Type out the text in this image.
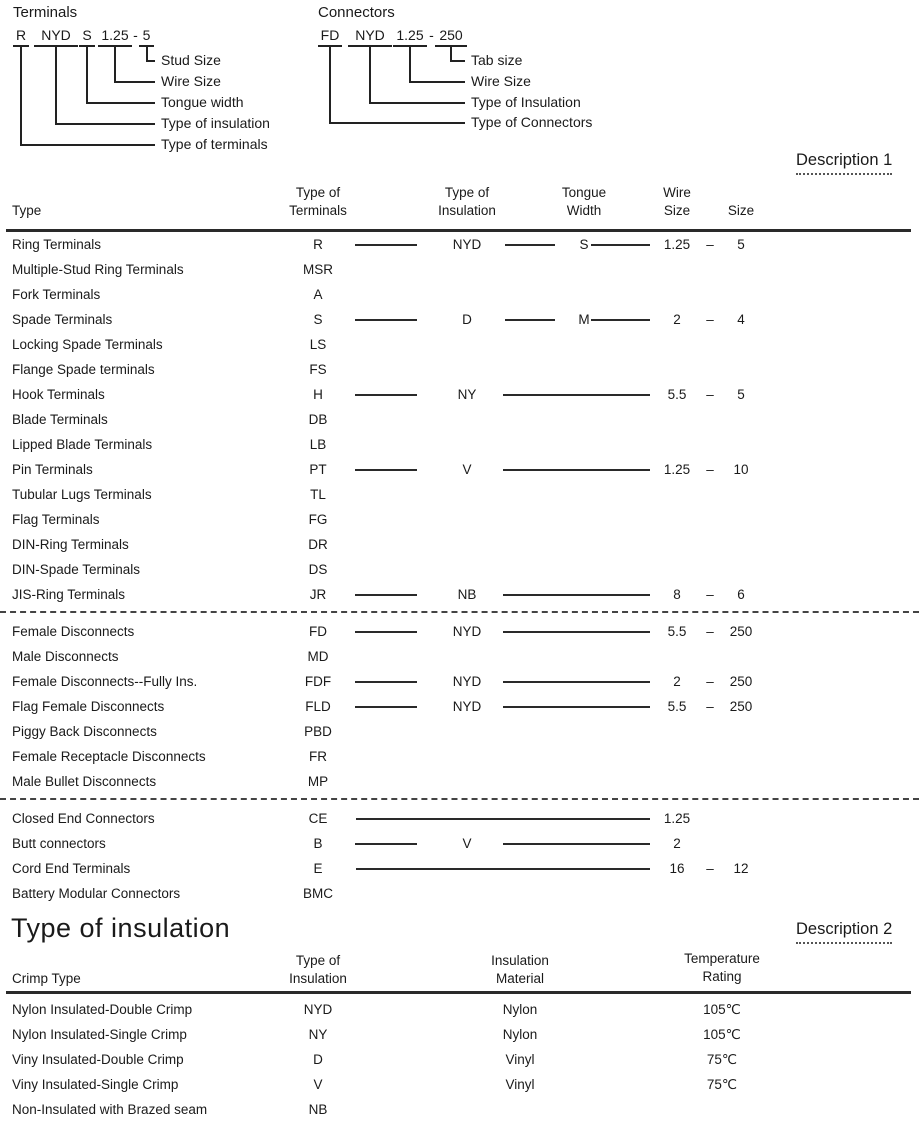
Terminals	Connectors
R	NYD S 1.25 - 5
Stud Size
Wire Size
Tongue width
Type of insulation
Type of terminals
FD	NYD 1.25 - 250
Tab size
Wire Size
Type of Insulation
Type of Connectors
Description 1
Type
Type of
Terminals
Type of
Insulation
Tongue
Width
Wire
Size	Size
Ring Terminals	R	NYD	S	1.25	–	5
Multiple-Stud Ring Terminals	MSR
Fork Terminals	A
Spade Terminals	S	D	M	2	–	4
Locking Spade Terminals	LS
Flange Spade terminals	FS
Hook Terminals	H	NY	5.5	–	5
Blade Terminals	DB
Lipped Blade Terminals	LB
Pin Terminals	PT	V	1.25	–	10
Tubular Lugs Terminals	TL
Flag Terminals	FG
DIN-Ring Terminals	DR
DIN-Spade Terminals	DS
JIS-Ring Terminals	JR	NB	8	–	6
Female Disconnects	FD	NYD	5.5	–	250
Male Disconnects	MD
Female Disconnects--Fully Ins.	FDF	NYD	2	–	250
Flag Female Disconnects	FLD	NYD	5.5	–	250
Piggy Back Disconnects	PBD
Female Receptacle Disconnects	FR
Male Bullet Disconnects	MP
Closed End Connectors	CE	1.25
Butt connectors	B	V	2
Cord End Terminals	E	16	–	12
Battery Modular Connectors	BMC
Type of insulation	Description 2
Crimp Type
Type of
Insulation
Insulation
Material
Temperature
Rating
Nylon Insulated-Double Crimp	NYD	Nylon	105℃
Nylon Insulated-Single Crimp	NY	Nylon	105℃
Viny Insulated-Double Crimp	D	Vinyl	75℃
Viny Insulated-Single Crimp	V	Vinyl	75℃
Non-Insulated with Brazed seam	NB
